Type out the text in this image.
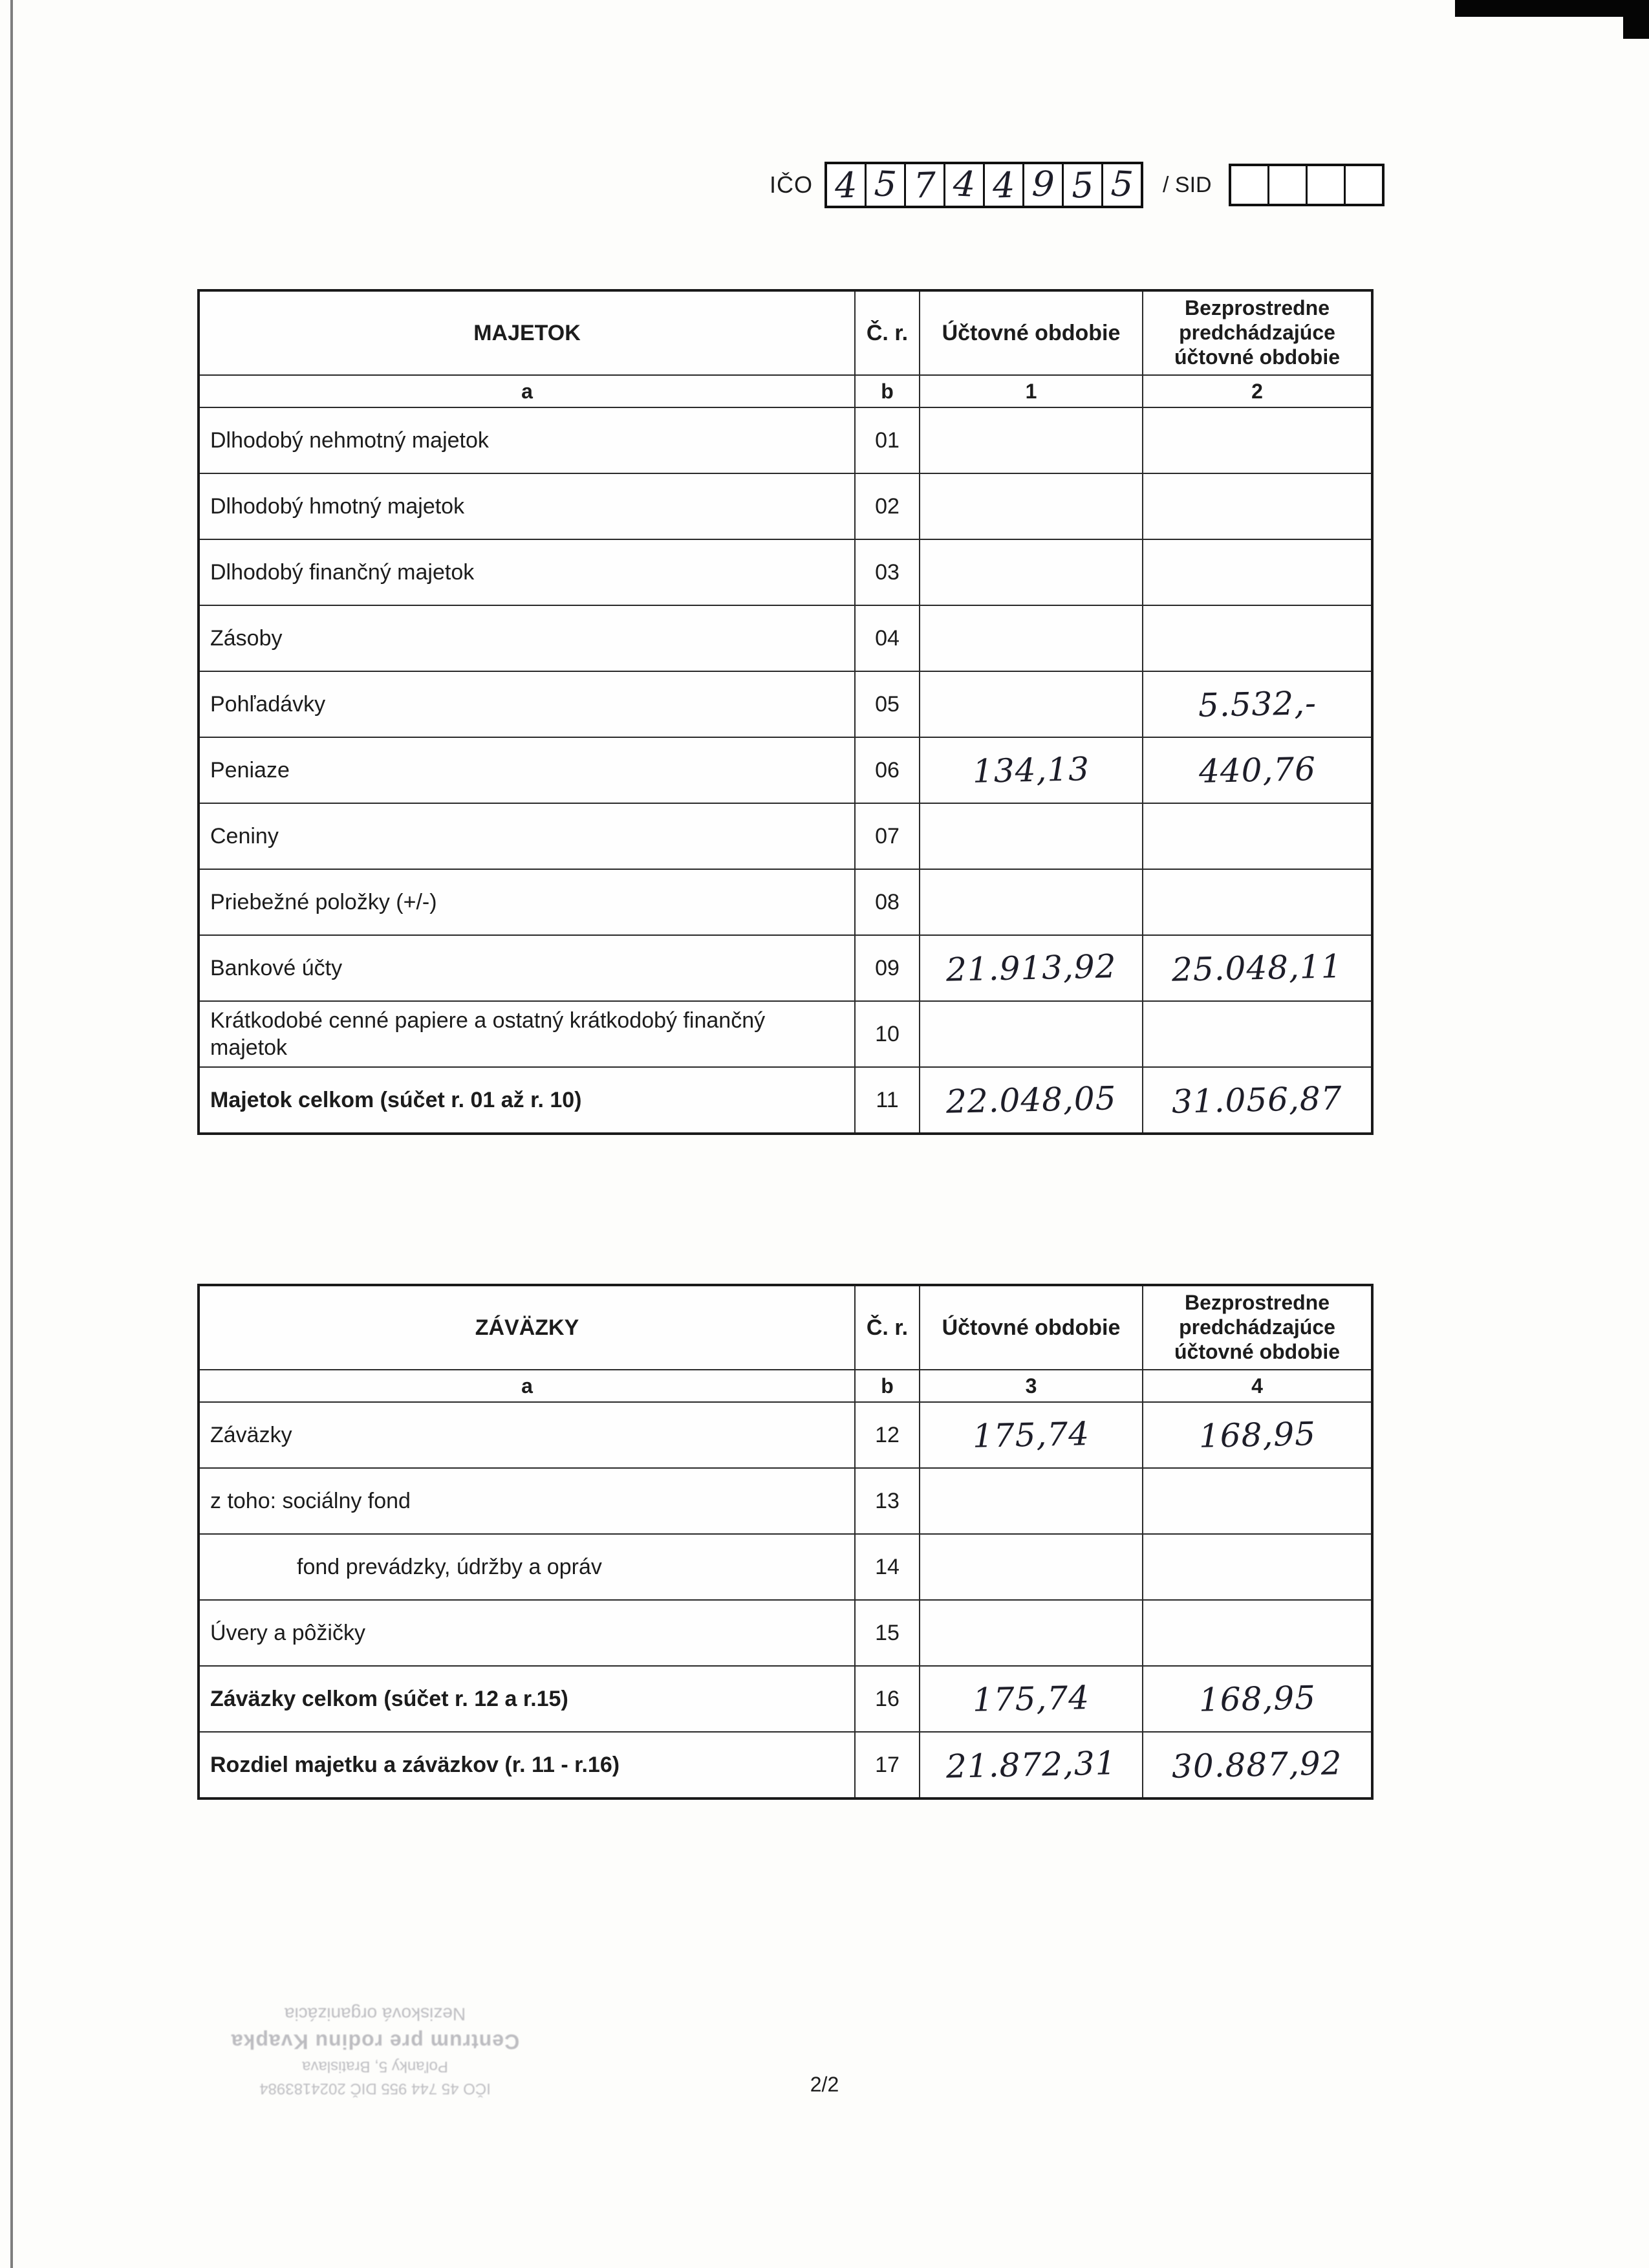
IČO 4 5 7 4 4 9 5 5 / SID
MAJETOK	Č. r.	Účtovné obdobie	Bezprostredne predchádzajúce účtovné obdobie
a	b	1	2
Dlhodobý nehmotný majetok	01		
Dlhodobý hmotný majetok	02		
Dlhodobý finančný majetok	03		
Zásoby	04		
Pohľadávky	05		5.532,-
Peniaze	06	134,13	440,76
Ceniny	07		
Priebežné položky (+/-)	08		
Bankové účty	09	21.913,92	25.048,11
Krátkodobé cenné papiere a ostatný krátkodobý finančný majetok	10		
Majetok celkom (súčet r. 01 až r. 10)	11	22.048,05	31.056,87
ZÁVÄZKY	Č. r.	Účtovné obdobie	Bezprostredne predchádzajúce účtovné obdobie
a	b	3	4
Záväzky	12	175,74	168,95
z toho: sociálny fond	13		
fond prevádzky, údržby a opráv	14		
Úvery a pôžičky	15		
Záväzky celkom (súčet r. 12 a r.15)	16	175,74	168,95
Rozdiel majetku a záväzkov (r. 11 - r.16)	17	21.872,31	30.887,92
IČO 45 744 955 DIČ 2024183984
Poľanky 5, Bratislava
Centrum pre rodinu Kvapka
Nezisková organizácia
2/2
